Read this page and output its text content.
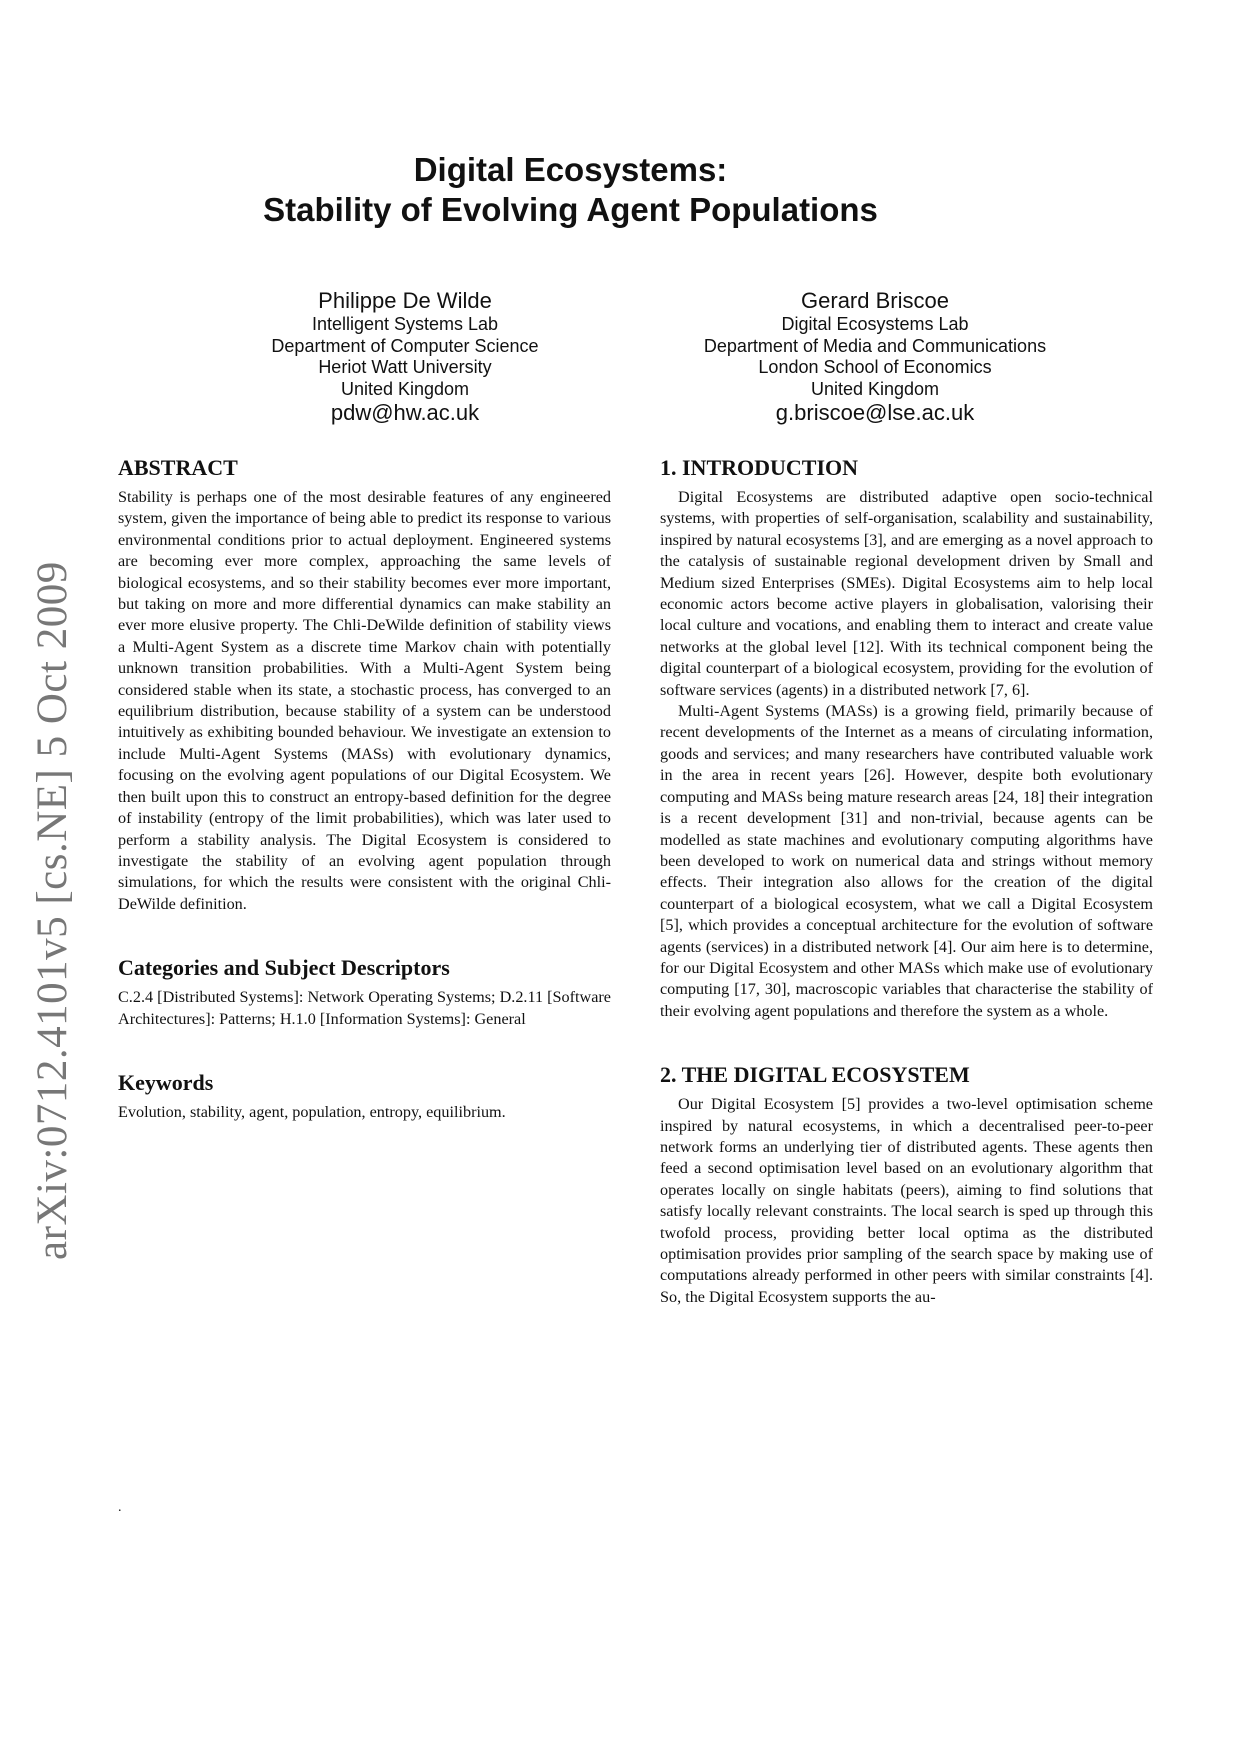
arXiv:0712.4101v5 [cs.NE] 5 Oct 2009
Digital Ecosystems:
Stability of Evolving Agent Populations
Philippe De Wilde
Intelligent Systems Lab
Department of Computer Science
Heriot Watt University
United Kingdom
pdw@hw.ac.uk
Gerard Briscoe
Digital Ecosystems Lab
Department of Media and Communications
London School of Economics
United Kingdom
g.briscoe@lse.ac.uk
ABSTRACT

Stability is perhaps one of the most desirable features of any engineered system, given the importance of being able to predict its response to various environmental conditions prior to actual deployment. Engineered systems are becoming ever more complex, approaching the same levels of biological ecosystems, and so their stability becomes ever more important, but taking on more and more differential dynamics can make stability an ever more elusive property. The Chli-DeWilde definition of stability views a Multi-Agent System as a discrete time Markov chain with potentially unknown transition probabilities. With a Multi-Agent System being considered stable when its state, a stochastic process, has converged to an equilibrium distribution, because stability of a system can be understood intuitively as exhibiting bounded behaviour. We investigate an extension to include Multi-Agent Systems (MASs) with evolutionary dynamics, focusing on the evolving agent populations of our Digital Ecosystem. We then built upon this to construct an entropy-based definition for the degree of instability (entropy of the limit probabilities), which was later used to perform a stability analysis. The Digital Ecosystem is considered to investigate the stability of an evolving agent population through simulations, for which the results were consistent with the original Chli-DeWilde definition.

Categories and Subject Descriptors

C.2.4 [Distributed Systems]: Network Operating Systems; D.2.11 [Software Architectures]: Patterns; H.1.0 [Information Systems]: General

Keywords

Evolution, stability, agent, population, entropy, equilibrium.

1. INTRODUCTION

Digital Ecosystems are distributed adaptive open socio-technical systems, with properties of self-organisation, scalability and sustainability, inspired by natural ecosystems [3], and are emerging as a novel approach to the catalysis of sustainable regional development driven by Small and Medium sized Enterprises (SMEs). Digital Ecosystems aim to help local economic actors become active players in globalisation, valorising their local culture and vocations, and enabling them to interact and create value networks at the global level [12]. With its technical component being the digital counterpart of a biological ecosystem, providing for the evolution of software services (agents) in a distributed network [7, 6].

Multi-Agent Systems (MASs) is a growing field, primarily because of recent developments of the Internet as a means of circulating information, goods and services; and many researchers have contributed valuable work in the area in recent years [26]. However, despite both evolutionary computing and MASs being mature research areas [24, 18] their integration is a recent development [31] and non-trivial, because agents can be modelled as state machines and evolutionary computing algorithms have been developed to work on numerical data and strings without memory effects. Their integration also allows for the creation of the digital counterpart of a biological ecosystem, what we call a Digital Ecosystem [5], which provides a conceptual architecture for the evolution of software agents (services) in a distributed network [4]. Our aim here is to determine, for our Digital Ecosystem and other MASs which make use of evolutionary computing [17, 30], macroscopic variables that characterise the stability of their evolving agent populations and therefore the system as a whole.

2. THE DIGITAL ECOSYSTEM

Our Digital Ecosystem [5] provides a two-level optimisation scheme inspired by natural ecosystems, in which a decentralised peer-to-peer network forms an underlying tier of distributed agents. These agents then feed a second optimisation level based on an evolutionary algorithm that operates locally on single habitats (peers), aiming to find solutions that satisfy locally relevant constraints. The local search is sped up through this twofold process, providing better local optima as the distributed optimisation provides prior sampling of the search space by making use of computations already performed in other peers with similar constraints [4]. So, the Digital Ecosystem supports the au-

.
